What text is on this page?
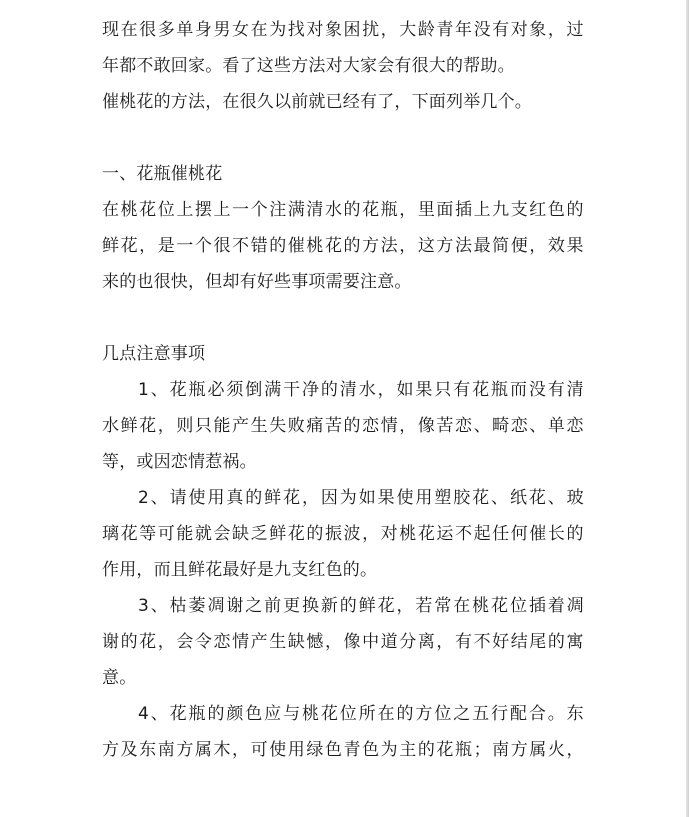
现 在 很 多 单 身 男 女 在 为 找 对 象 困 扰 ， 大 龄 青 年 没 有 对 象 ， 过
年都不敢回家。看了这些方法对大家会有很大的帮助。
催桃花的方法，在很久以前就已经有了，下面列举几个。
一、花瓶催桃花
在 桃 花 位 上 摆 上 一 个 注 满 清 水 的 花 瓶 ， 里 面 插 上 九 支 红 色 的
鲜 花 ， 是 一 个 很 不 错 的 催 桃 花 的 方 法 ， 这 方 法 最 简 便 ， 效 果
来的也很快，但却有好些事项需要注意。
几点注意事项
1 、 花 瓶 必 须 倒 满 干 净 的 清 水 ， 如 果 只 有 花 瓶 而 没 有 清
水 鲜 花 ， 则 只 能 产 生 失 败 痛 苦 的 恋 情 ， 像 苦 恋 、 畸 恋 、 单 恋
等，或因恋情惹祸。
2 、 请 使 用 真 的 鲜 花 ， 因 为 如 果 使 用 塑 胶 花 、 纸 花 、 玻
璃 花 等 可 能 就 会 缺 乏 鲜 花 的 振 波 ， 对 桃 花 运 不 起 任 何 催 长 的
作用，而且鲜花最好是九支红色的。
3 、 枯 萎 凋 谢 之 前 更 换 新 的 鲜 花 ， 若 常 在 桃 花 位 插 着 凋
谢 的 花 ， 会 令 恋 情 产 生 缺 憾 ， 像 中 道 分 离 ， 有 不 好 结 尾 的 寓
意。
4 、 花 瓶 的 颜 色 应 与 桃 花 位 所 在 的 方 位 之 五 行 配 合 。 东
方 及 东 南 方 属 木 ， 可 使 用 绿 色 青 色 为 主 的 花 瓶 ； 南 方 属 火 ，
